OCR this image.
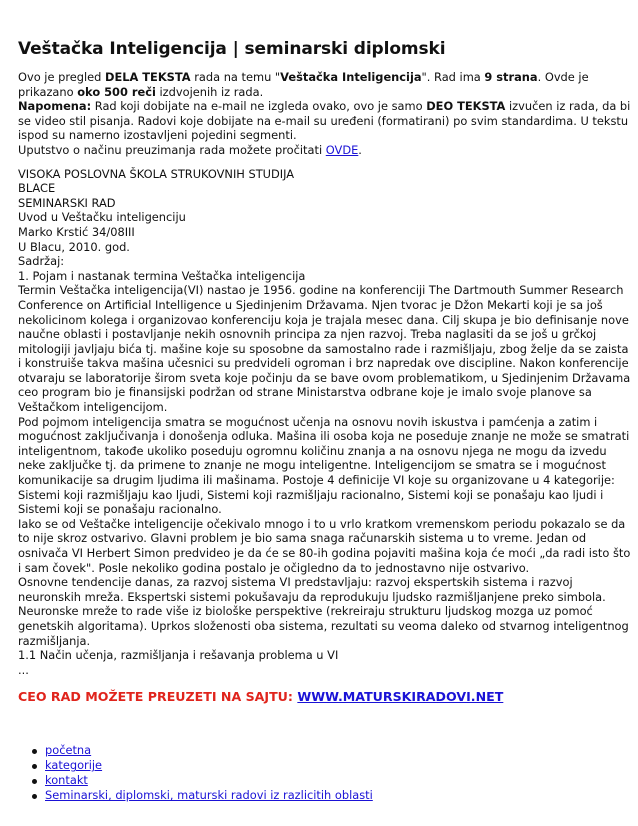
Veštačka Inteligencija | seminarski diplomski
Ovo je pregled DELA TEKSTA rada na temu "Veštačka Inteligencija". Rad ima 9 strana. Ovde je
prikazano oko 500 reči izdvojenih iz rada.
Napomena: Rad koji dobijate na e-mail ne izgleda ovako, ovo je samo DEO TEKSTA izvučen iz rada, da bi
se video stil pisanja. Radovi koje dobijate na e-mail su uređeni (formatirani) po svim standardima. U tekstu
ispod su namerno izostavljeni pojedini segmenti.
Uputstvo o načinu preuzimanja rada možete pročitati OVDE.
VISOKA POSLOVNA ŠKOLA STRUKOVNIH STUDIJA
BLACE
SEMINARSKI RAD
Uvod u Veštačku inteligenciju
Marko Krstić 34/08III
U Blacu, 2010. god.
Sadržaj:
1. Pojam i nastanak termina Veštačka inteligencija
Termin Veštačka inteligencija(VI) nastao je 1956. godine na konferenciji The Dartmouth Summer Research
Conference on Artificial Intelligence u Sjedinjenim Državama. Njen tvorac je Džon Mekarti koji je sa još
nekolicinom kolega i organizovao konferenciju koja je trajala mesec dana. Cilj skupa je bio definisanje nove
naučne oblasti i postavljanje nekih osnovnih principa za njen razvoj. Treba naglasiti da se još u grčkoj
mitologiji javljaju bića tj. mašine koje su sposobne da samostalno rade i razmišljaju, zbog želje da se zaista
i konstruiše takva mašina učesnici su predvideli ogroman i brz napredak ove discipline. Nakon konferencije
otvaraju se laboratorije širom sveta koje počinju da se bave ovom problematikom, u Sjedinjenim Državama
ceo program bio je finansijski podržan od strane Ministarstva odbrane koje je imalo svoje planove sa
Veštačkom inteligencijom.
Pod pojmom inteligencija smatra se mogućnost učenja na osnovu novih iskustva i pamćenja a zatim i
mogućnost zaključivanja i donošenja odluka. Mašina ili osoba koja ne poseduje znanje ne može se smatrati
inteligentnom, takođe ukoliko poseduju ogromnu količinu znanja a na osnovu njega ne mogu da izvedu
neke zaključke tj. da primene to znanje ne mogu inteligentne. Inteligencijom se smatra se i mogućnost
komunikacije sa drugim ljudima ili mašinama. Postoje 4 definicije VI koje su organizovane u 4 kategorije:
Sistemi koji razmišljaju kao ljudi, Sistemi koji razmišljaju racionalno, Sistemi koji se ponašaju kao ljudi i
Sistemi koji se ponašaju racionalno.
Iako se od Veštačke inteligencije očekivalo mnogo i to u vrlo kratkom vremenskom periodu pokazalo se da
to nije skroz ostvarivo. Glavni problem je bio sama snaga računarskih sistema u to vreme. Jedan od
osnivača VI Herbert Simon predvideo je da će se 80-ih godina pojaviti mašina koja će moći „da radi isto što
i sam čovek". Posle nekoliko godina postalo je očigledno da to jednostavno nije ostvarivo.
Osnovne tendencije danas, za razvoj sistema VI predstavljaju: razvoj ekspertskih sistema i razvoj
neuronskih mreža. Ekspertski sistemi pokušavaju da reprodukuju ljudsko razmišljanjene preko simbola.
Neuronske mreže to rade više iz biološke perspektive (rekreiraju strukturu ljudskog mozga uz pomoć
genetskih algoritama). Uprkos složenosti oba sistema, rezultati su veoma daleko od stvarnog inteligentnog
razmišljanja.
1.1 Način učenja, razmišljanja i rešavanja problema u VI
...
CEO RAD MOŽETE PREUZETI NA SAJTU: WWW.MATURSKIRADOVI.NET
početna
kategorije
kontakt
Seminarski, diplomski, maturski radovi iz razlicitih oblasti
